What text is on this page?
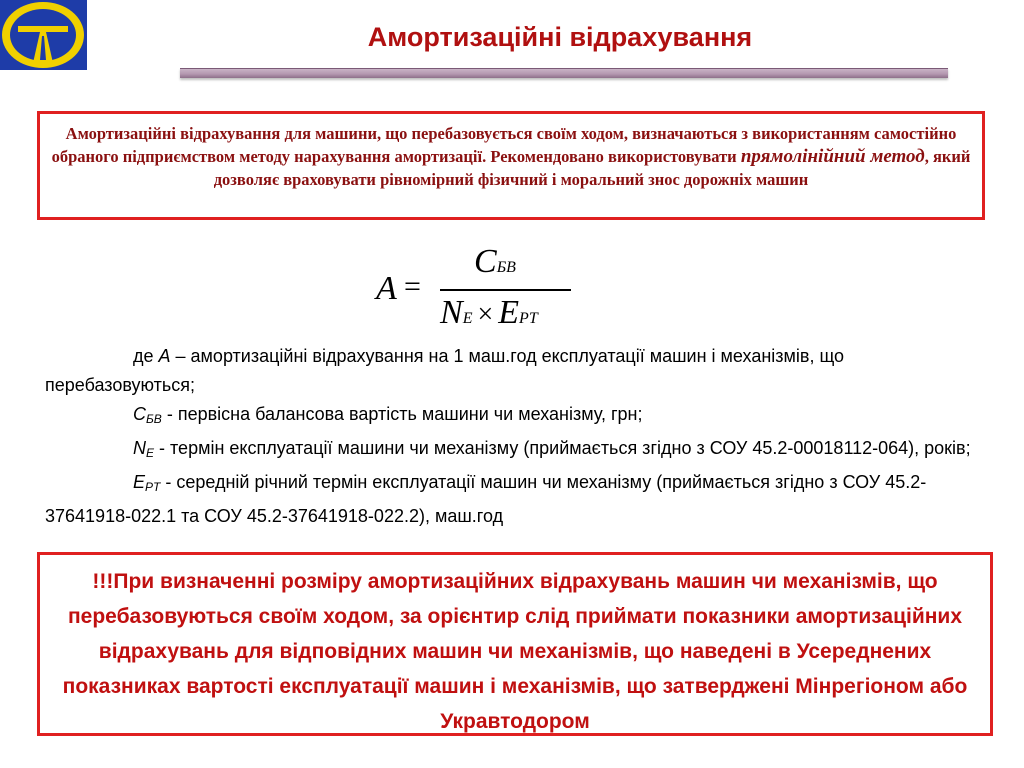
Амортизаційні відрахування
Амортизаційні відрахування для машини, що перебазовується своїм ходом, визначаються з використанням самостійно обраного підприємством методу нарахування амортизації. Рекомендовано використовувати прямолінійний метод, який дозволяє враховувати рівномірний фізичний і моральний знос дорожніх машин
A =
CБВ
NE × EPT

де А – амортизаційні відрахування на 1 маш.год експлуатації машин і механізмів, що перебазовуються;

$С_{БВ}$ - первісна балансова вартість машини чи механізму, грн;

$N_E$ - термін експлуатації машини чи механізму (приймається згідно з СОУ 45.2-00018112-064), років;

$E_{PT}$ - середній річний термін експлуатації машин чи механізму (приймається згідно з СОУ 45.2-37641918-022.1 та СОУ 45.2-37641918-022.2), маш.год

!!!При визначенні розміру амортизаційних відрахувань машин чи механізмів, що перебазовуються своїм ходом, за орієнтир слід приймати показники амортизаційних відрахувань для відповідних машин чи механізмів, що наведені в Усереднених показниках вартості експлуатації машин і механізмів, що затверджені Мінрегіоном або Укравтодором
